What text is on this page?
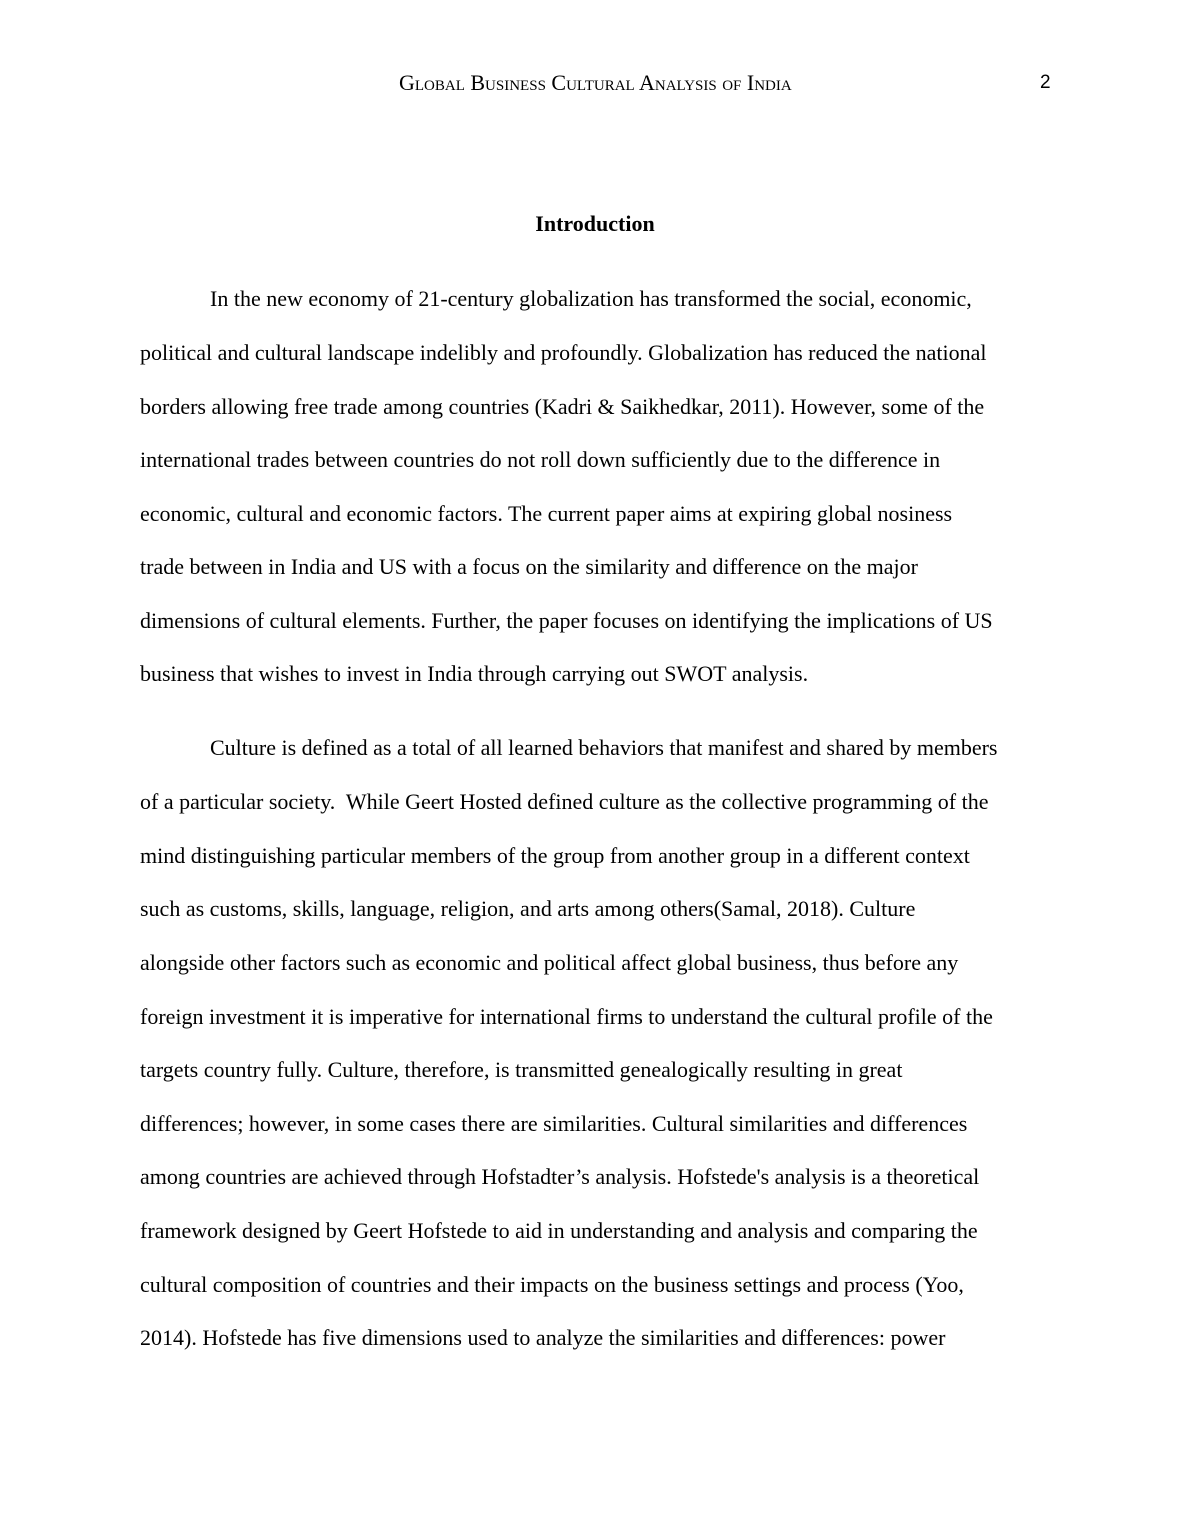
Global Business Cultural Analysis of India	2
Introduction
In the new economy of 21-century globalization has transformed the social, economic,
political and cultural landscape indelibly and profoundly. Globalization has reduced the national
borders allowing free trade among countries (Kadri & Saikhedkar, 2011). However, some of the
international trades between countries do not roll down sufficiently due to the difference in
economic, cultural and economic factors. The current paper aims at expiring global nosiness
trade between in India and US with a focus on the similarity and difference on the major
dimensions of cultural elements. Further, the paper focuses on identifying the implications of US
business that wishes to invest in India through carrying out SWOT analysis.
Culture is defined as a total of all learned behaviors that manifest and shared by members
of a particular society.  While Geert Hosted defined culture as the collective programming of the
mind distinguishing particular members of the group from another group in a different context
such as customs, skills, language, religion, and arts among others(Samal, 2018). Culture
alongside other factors such as economic and political affect global business, thus before any
foreign investment it is imperative for international firms to understand the cultural profile of the
targets country fully. Culture, therefore, is transmitted genealogically resulting in great
differences; however, in some cases there are similarities. Cultural similarities and differences
among countries are achieved through Hofstadter’s analysis. Hofstede's analysis is a theoretical
framework designed by Geert Hofstede to aid in understanding and analysis and comparing the
cultural composition of countries and their impacts on the business settings and process (Yoo,
2014). Hofstede has five dimensions used to analyze the similarities and differences: power
